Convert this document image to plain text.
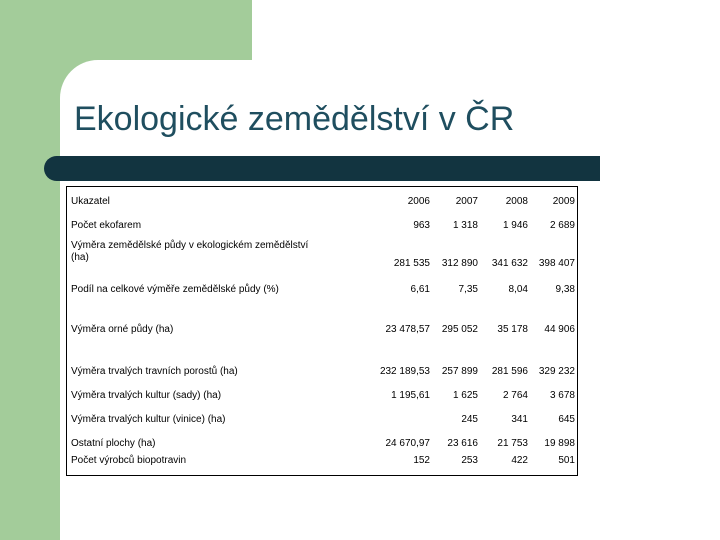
Ekologické zemědělství v ČR
Ukazatel	2006	2007	2008	2009
Počet ekofarem	963	1 318	1 946	2 689
Výměra zemědělské půdy v ekologickém zemědělství (ha)	281 535	312 890	341 632	398 407
Podíl na celkové výměře zemědělské půdy (%)	6,61	7,35	8,04	9,38
Výměra orné půdy (ha)	23 478,57	295 052	35 178	44 906
Výměra trvalých travních porostů (ha)	232 189,53	257 899	281 596	329 232
Výměra trvalých kultur (sady) (ha)	1 195,61	1 625	2 764	3 678
Výměra trvalých kultur (vinice) (ha)		245	341	645
Ostatní plochy (ha)	24 670,97	23 616	21 753	19 898
Počet výrobců biopotravin	152	253	422	501
